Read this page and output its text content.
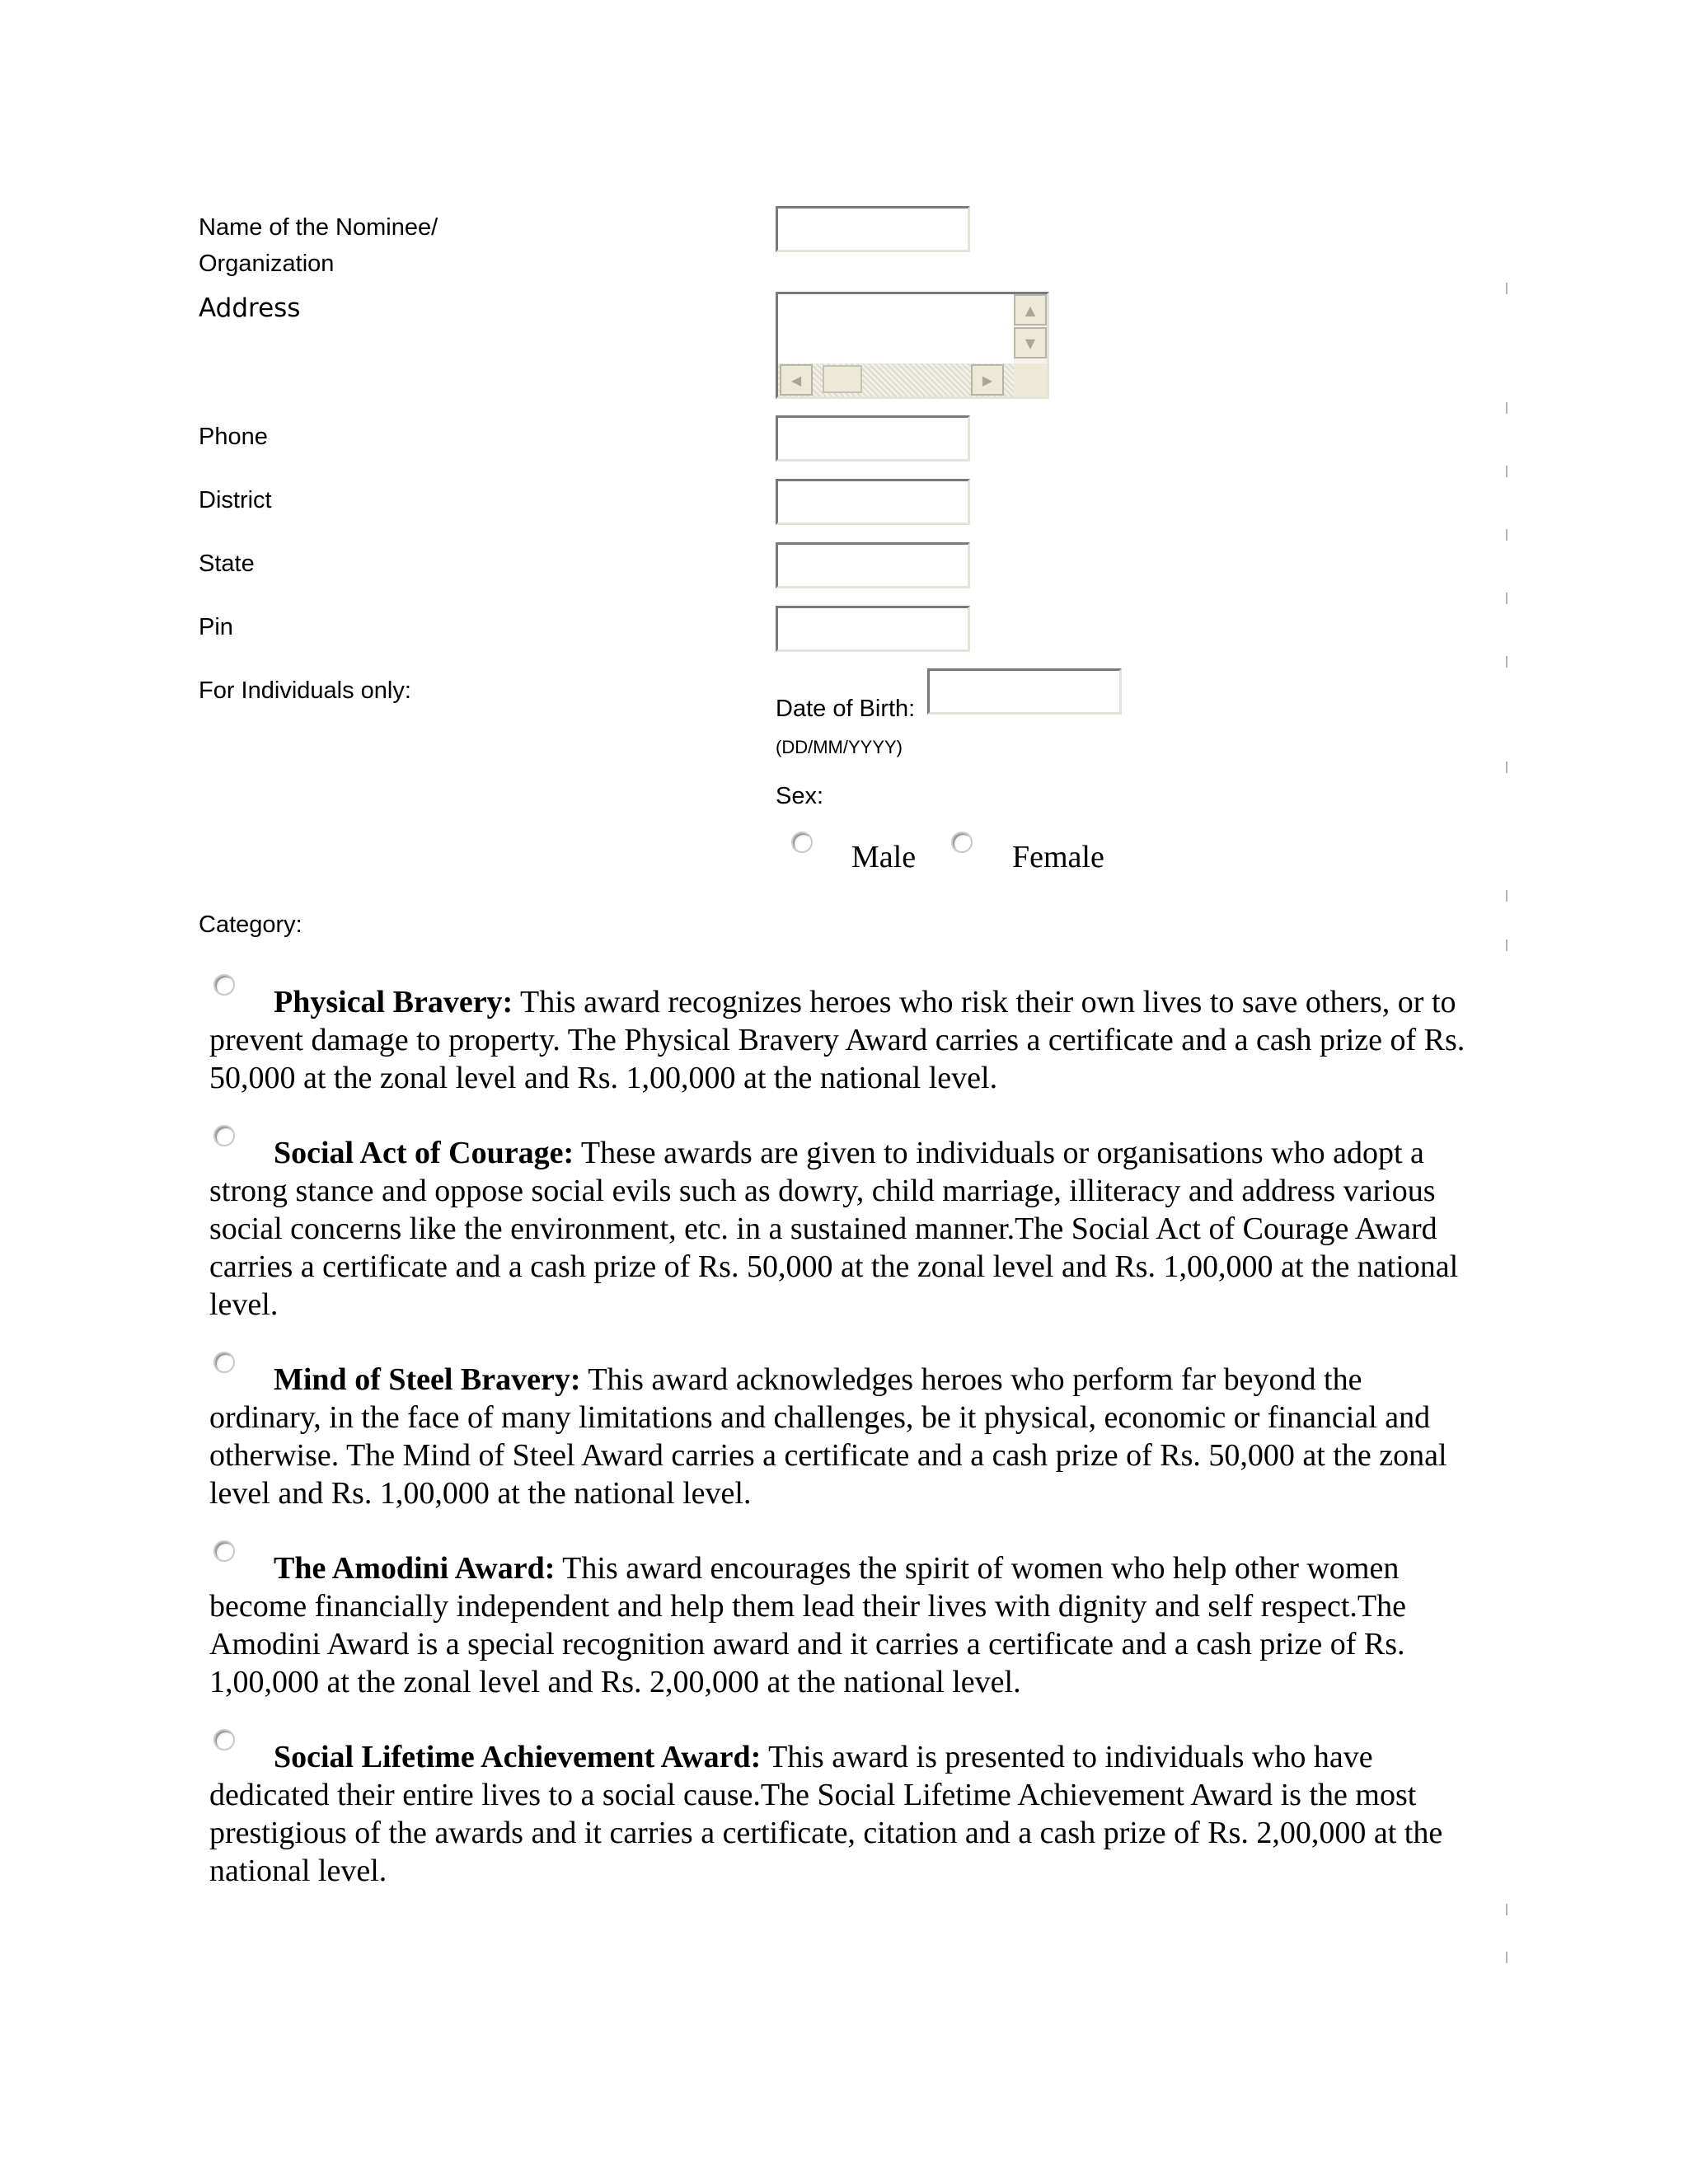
Name of the Nominee/
Organization
Address
Phone
District
State
Pin
For Individuals only:
▲
▼
◀	▶
Date of Birth:
(DD/MM/YYYY)
Sex:
Male	Female
Category:
Physical Bravery: This award recognizes heroes who risk their own lives to save others, or to prevent damage to property. The Physical Bravery Award carries a certificate and a cash prize of Rs. 50,000 at the zonal level and Rs. 1,00,000 at the national level.
Social Act of Courage: These awards are given to individuals or organisations who adopt a strong stance and oppose social evils such as dowry, child marriage, illiteracy and address various social concerns like the environment, etc. in a sustained manner.The Social Act of Courage Award carries a certificate and a cash prize of Rs. 50,000 at the zonal level and Rs. 1,00,000 at the national level.
Mind of Steel Bravery: This award acknowledges heroes who perform far beyond the ordinary, in the face of many limitations and challenges, be it physical, economic or financial and otherwise. The Mind of Steel Award carries a certificate and a cash prize of Rs. 50,000 at the zonal level and Rs. 1,00,000 at the national level.
The Amodini Award: This award encourages the spirit of women who help other women become financially independent and help them lead their lives with dignity and self respect.The Amodini Award is a special recognition award and it carries a certificate and a cash prize of Rs. 1,00,000 at the zonal level and Rs. 2,00,000 at the national level.
Social Lifetime Achievement Award: This award is presented to individuals who have dedicated their entire lives to a social cause.The Social Lifetime Achievement Award is the most prestigious of the awards and it carries a certificate, citation and a cash prize of Rs. 2,00,000 at the national level.
